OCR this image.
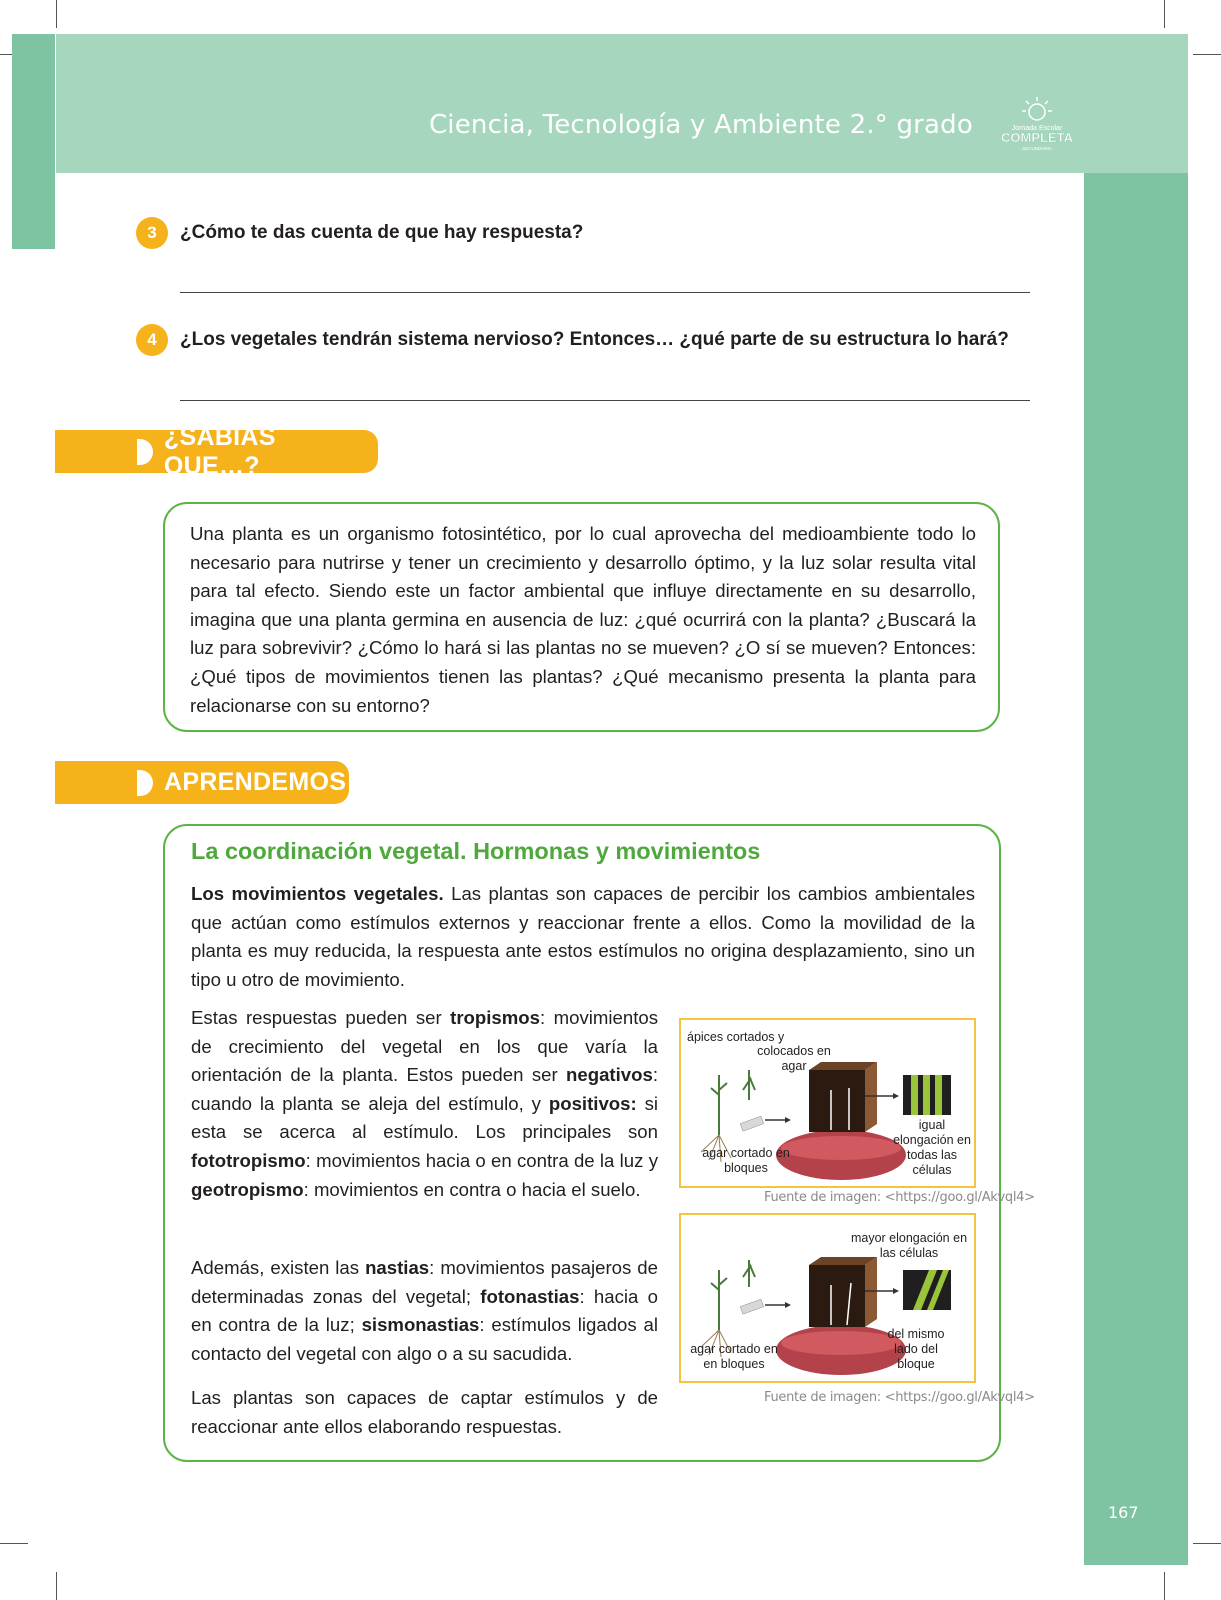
Ciencia, Tecnología y Ambiente 2.° grado	Jornada Escolar
COMPLETA
SECUNDARIA
3	¿Cómo te das cuenta de que hay respuesta?
4	¿Los vegetales tendrán sistema nervioso? Entonces… ¿qué parte de su estructura lo hará?
¿SABÍAS QUE…?
Una planta es un organismo fotosintético, por lo cual aprovecha del medioambiente todo lo necesario para nutrirse y tener un crecimiento y desarrollo óptimo, y la luz solar resulta vital para tal efecto. Siendo este un factor ambiental que influye directamente en su desarrollo, imagina que una planta germina en ausencia de luz: ¿qué ocurrirá con la planta? ¿Buscará la luz para sobrevivir? ¿Cómo lo hará si las plantas no se mueven? ¿O sí se mueven? Entonces: ¿Qué tipos de movimientos tienen las plantas? ¿Qué mecanismo presenta la planta para relacionarse con su entorno?
APRENDEMOS
La coordinación vegetal. Hormonas y movimientos
Los movimientos vegetales. Las plantas son capaces de percibir los cambios ambientales que actúan como estímulos externos y reaccionar frente a ellos. Como la movilidad de la planta es muy reducida, la respuesta ante estos estímulos no origina desplazamiento, sino un tipo u otro de movimiento.
Estas respuestas pueden ser tropismos: movimientos de crecimiento del vegetal en los que varía la orientación de la planta. Estos pueden ser negativos: cuando la planta se aleja del estímulo, y positivos: si esta se acerca al estímulo. Los principales son fototropismo: movimientos hacia o en contra de la luz y geotropismo: movimientos en contra o hacia el suelo.
Además, existen las nastias: movimientos pasajeros de determinadas zonas del vegetal; fotonastias: hacia o en contra de la luz; sismonastias: estímulos ligados al contacto del vegetal con algo o a su sacudida.
Las plantas son capaces de captar estímulos y de reaccionar ante ellos elaborando respuestas.
ápices cortados y
colocados en agar
agar cortado en bloques
igual elongación en todas las células
Fuente de imagen: <https://goo.gl/Akvql4>
mayor elongación en las células
agar cortado en en bloques
del mismo lado del bloque
Fuente de imagen: <https://goo.gl/Akvql4>
167
